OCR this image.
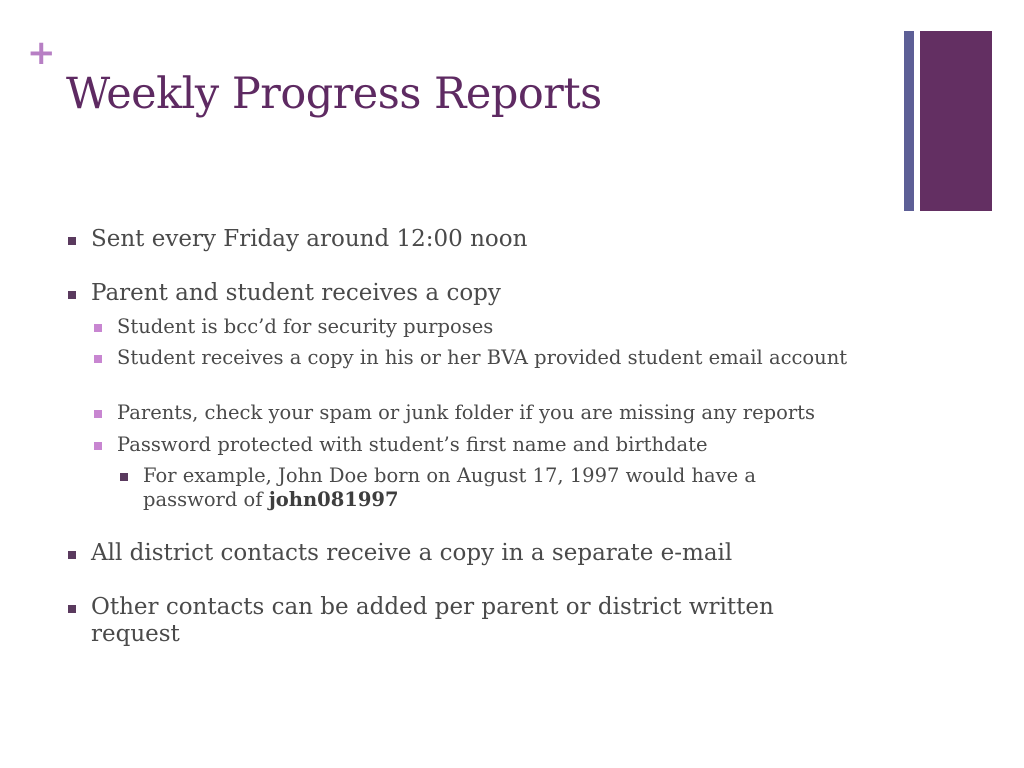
+
Weekly Progress Reports
Sent every Friday around 12:00 noon
Parent and student receives a copy
Student is bcc’d for security purposes
Student receives a copy in his or her BVA provided student email account
Parents, check your spam or junk folder if you are missing any reports
Password protected with student’s first name and birthdate
For example, John Doe born on August 17, 1997 would have a password of john081997
All district contacts receive a copy in a separate e-mail
Other contacts can be added per parent or district written request
